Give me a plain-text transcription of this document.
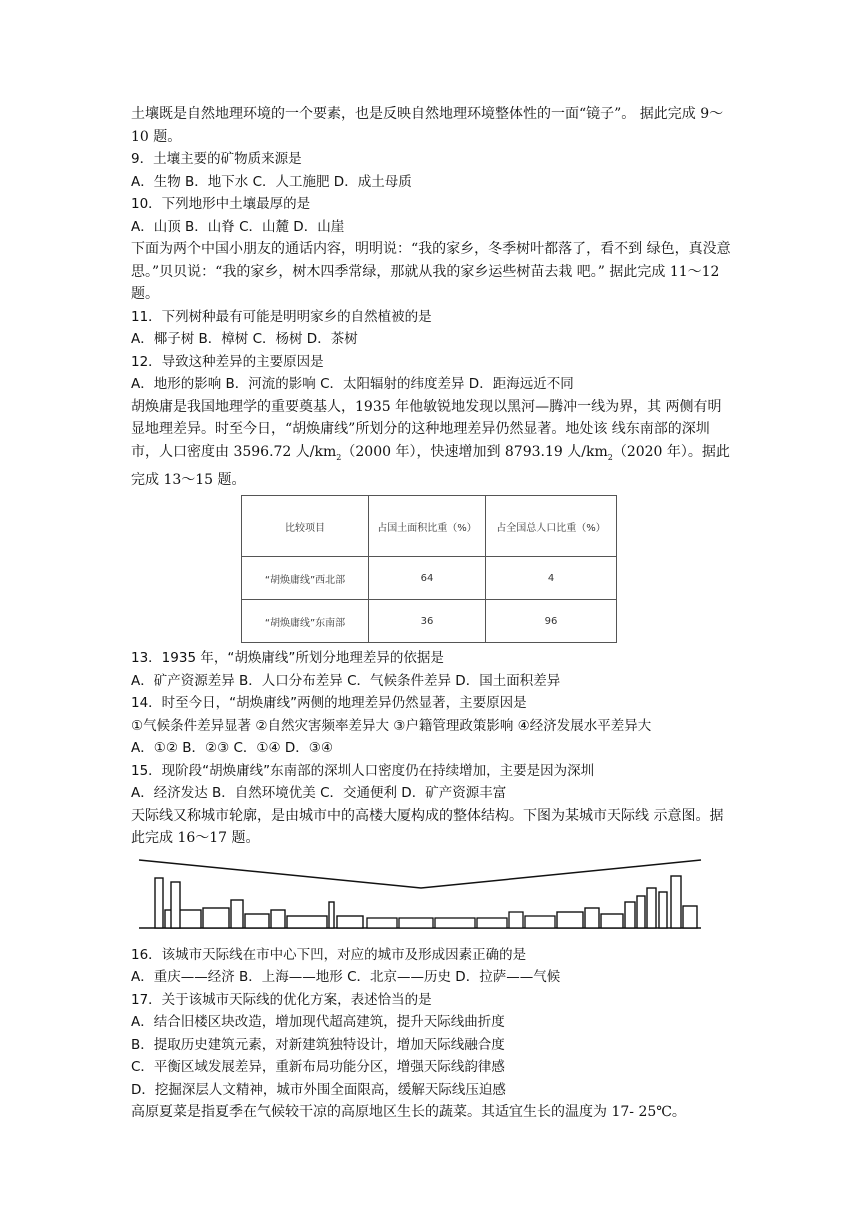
土壤既是自然地理环境的一个要素，也是反映自然地理环境整体性的一面“镜子”。 据此完成 9～10 题。

9．土壤主要的矿物质来源是

A．生物 B．地下水 C．人工施肥 D．成土母质

10．下列地形中土壤最厚的是

A．山顶 B．山脊 C．山麓 D．山崖

下面为两个中国小朋友的通话内容，明明说：“我的家乡，冬季树叶都落了，看不到 绿色，真没意思。”贝贝说：“我的家乡，树木四季常绿，那就从我的家乡运些树苗去栽 吧。” 据此完成 11～12 题。

11．下列树种最有可能是明明家乡的自然植被的是

A．椰子树 B．樟树 C．杨树 D．茶树

12．导致这种差异的主要原因是

A．地形的影响 B．河流的影响 C．太阳辐射的纬度差异 D．距海远近不同

胡焕庸是我国地理学的重要奠基人，1935 年他敏锐地发现以黑河—腾冲一线为界，其 两侧有明显地理差异。时至今日，“胡焕庸线”所划分的这种地理差异仍然显著。地处该 线东南部的深圳市，人口密度由 3596.72 人$/km_2(2000$ 年），快速增加到 8793.19 人$/km_2(2020$ 年）。据此完成 13～15 题。

比较项目	占国土面积比重（%）	占全国总人口比重（%）
“胡焕庸线”西北部	64	4
“胡焕庸线”东南部	36	96

13．1935 年，“胡焕庸线”所划分地理差异的依据是

A．矿产资源差异 B．人口分布差异 C．气候条件差异 D．国土面积差异

14．时至今日，“胡焕庸线”两侧的地理差异仍然显著，主要原因是

①气候条件差异显著 ②自然灾害频率差异大 ③户籍管理政策影响 ④经济发展水平差异大

A．①② B．②③ C．①④ D．③④

15．现阶段“胡焕庸线”东南部的深圳人口密度仍在持续增加，主要是因为深圳

A．经济发达 B．自然环境优美 C．交通便利 D．矿产资源丰富

天际线又称城市轮廓，是由城市中的高楼大厦构成的整体结构。下图为某城市天际线 示意图。据此完成 16～17 题。

16．该城市天际线在市中心下凹，对应的城市及形成因素正确的是

A．重庆——经济 B．上海——地形 C．北京——历史 D．拉萨——气候

17．关于该城市天际线的优化方案，表述恰当的是

A．结合旧楼区块改造，增加现代超高建筑，提升天际线曲折度

B．提取历史建筑元素，对新建筑独特设计，增加天际线融合度

C．平衡区域发展差异，重新布局功能分区，增强天际线韵律感

D．挖掘深层人文精神，城市外围全面限高，缓解天际线压迫感

高原夏菜是指夏季在气候较干凉的高原地区生长的蔬菜。其适宜生长的温度为 17- 25℃。
